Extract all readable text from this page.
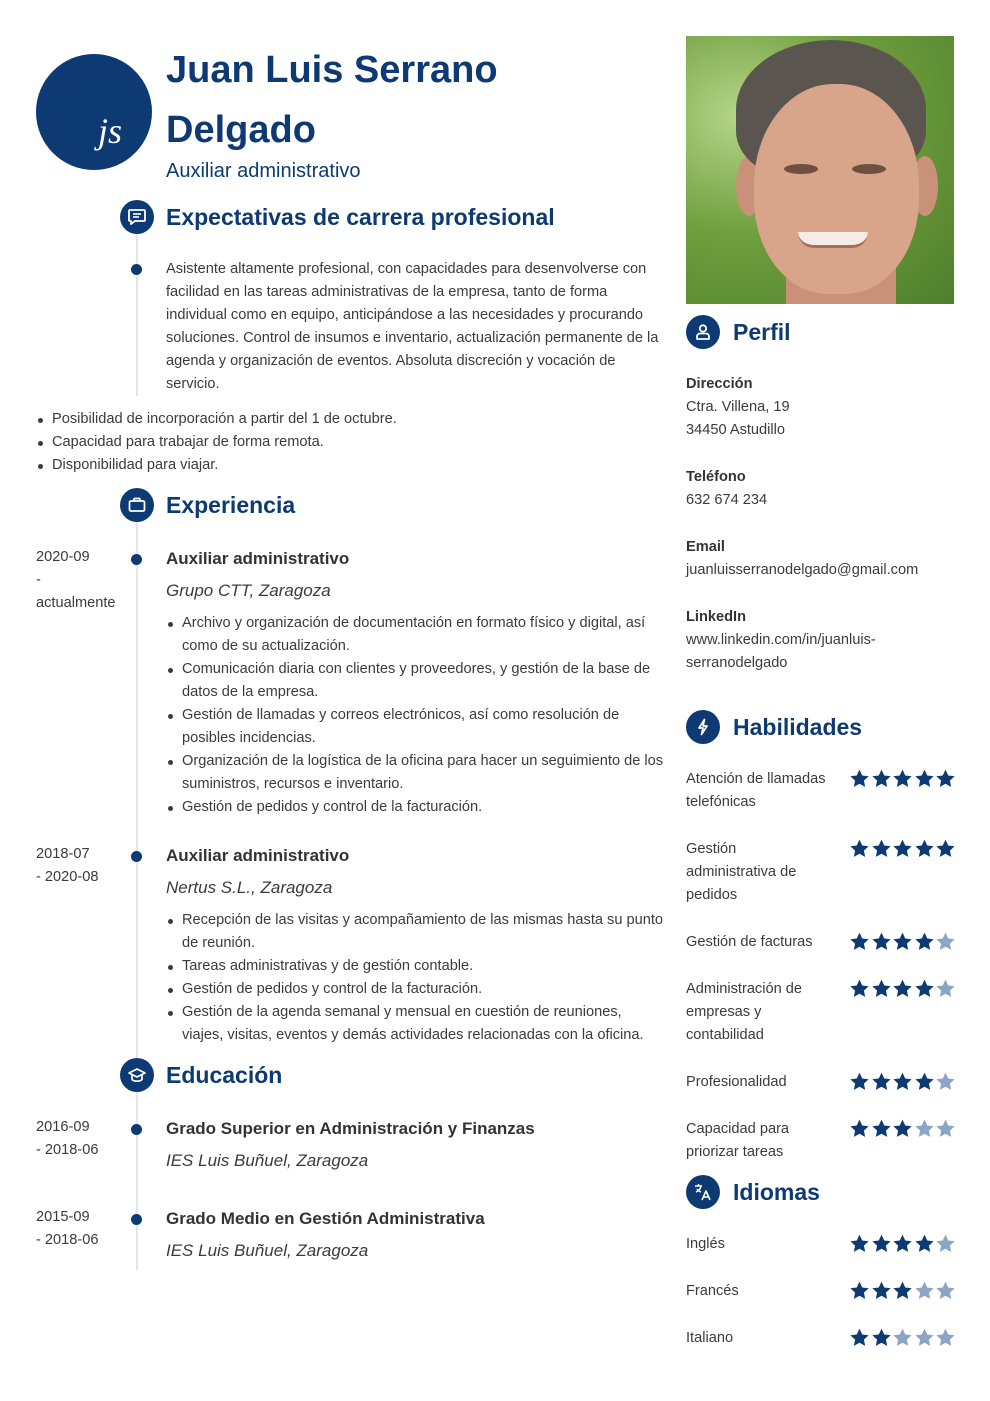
js
Juan Luis Serrano Delgado
Auxiliar administrativo
Expectativas de carrera profesional
Asistente altamente profesional, con capacidades para desenvolverse con facilidad en las tareas administrativas de la empresa, tanto de forma individual como en equipo, anticipándose a las necesidades y procurando soluciones. Control de insumos e inventario, actualización permanente de la agenda y organización de eventos. Absoluta discreción y vocación de servicio.
Posibilidad de incorporación a partir del 1 de octubre.
Capacidad para trabajar de forma remota.
Disponibilidad para viajar.
Experiencia
2020-09
-
actualmente
Auxiliar administrativo
Grupo CTT, Zaragoza
Archivo y organización de documentación en formato físico y digital, así como de su actualización.
Comunicación diaria con clientes y proveedores, y gestión de la base de datos de la empresa.
Gestión de llamadas y correos electrónicos, así como resolución de posibles incidencias.
Organización de la logística de la oficina para hacer un seguimiento de los suministros, recursos e inventario.
Gestión de pedidos y control de la facturación.
2018-07
- 2020-08
Auxiliar administrativo
Nertus S.L., Zaragoza
Recepción de las visitas y acompañamiento de las mismas hasta su punto de reunión.
Tareas administrativas y de gestión contable.
Gestión de pedidos y control de la facturación.
Gestión de la agenda semanal y mensual en cuestión de reuniones, viajes, visitas, eventos y demás actividades relacionadas con la oficina.
Educación
2016-09
- 2018-06
Grado Superior en Administración y Finanzas
IES Luis Buñuel, Zaragoza
2015-09
- 2018-06
Grado Medio en Gestión Administrativa
IES Luis Buñuel, Zaragoza
Perfil
Dirección
Ctra. Villena, 19
34450 Astudillo
Teléfono
632 674 234
Email
juanluisserranodelgado@gmail.com
LinkedIn
www.linkedin.com/in/juanluis-
serranodelgado
Habilidades
Atención de llamadas telefónicas
Gestión administrativa de pedidos
Gestión de facturas
Administración de empresas y contabilidad
Profesionalidad
Capacidad para priorizar tareas
Idiomas
Inglés
Francés
Italiano
